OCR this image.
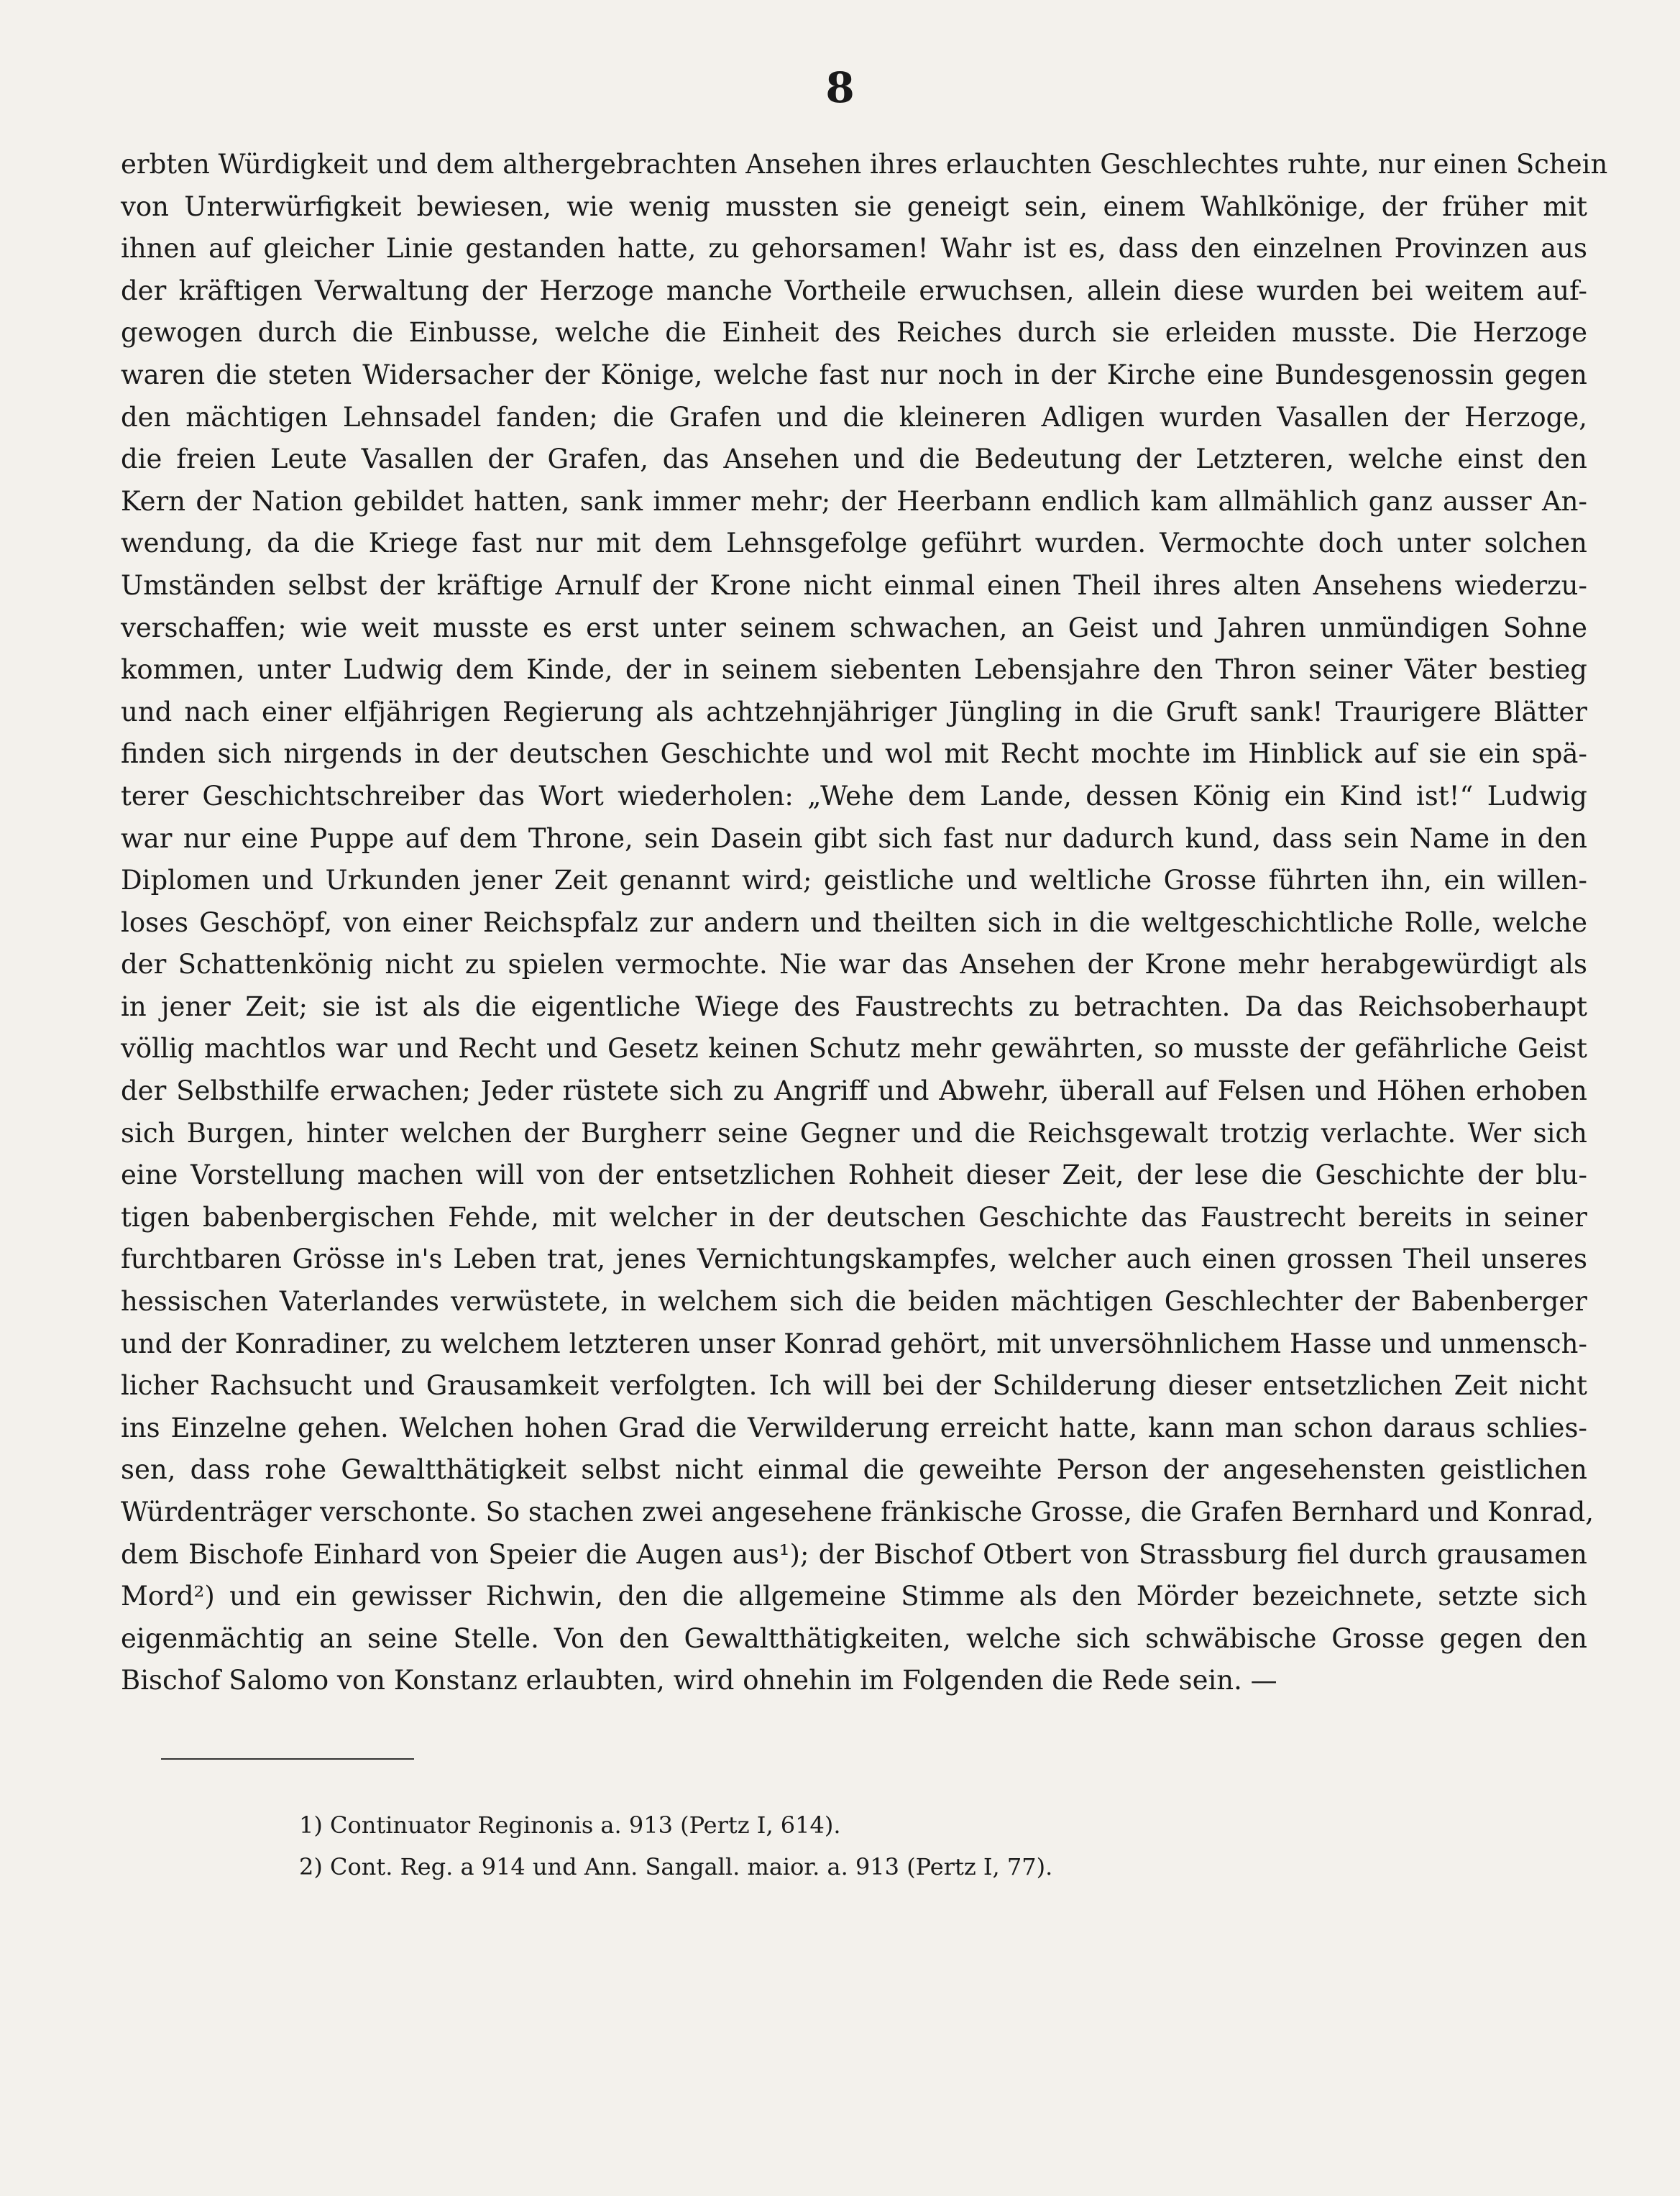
8
erbten Würdigkeit und dem althergebrachten Ansehen ihres erlauchten Geschlechtes ruhte, nur einen Schein
von Unterwürfigkeit bewiesen, wie wenig mussten sie geneigt sein, einem Wahlkönige, der früher mit
ihnen auf gleicher Linie gestanden hatte, zu gehorsamen! Wahr ist es, dass den einzelnen Provinzen aus
der kräftigen Verwaltung der Herzoge manche Vortheile erwuchsen, allein diese wurden bei weitem auf-
gewogen durch die Einbusse, welche die Einheit des Reiches durch sie erleiden musste. Die Herzoge
waren die steten Widersacher der Könige, welche fast nur noch in der Kirche eine Bundesgenossin gegen
den mächtigen Lehnsadel fanden; die Grafen und die kleineren Adligen wurden Vasallen der Herzoge,
die freien Leute Vasallen der Grafen, das Ansehen und die Bedeutung der Letzteren, welche einst den
Kern der Nation gebildet hatten, sank immer mehr; der Heerbann endlich kam allmählich ganz ausser An-
wendung, da die Kriege fast nur mit dem Lehnsgefolge geführt wurden. Vermochte doch unter solchen
Umständen selbst der kräftige Arnulf der Krone nicht einmal einen Theil ihres alten Ansehens wiederzu-
verschaffen; wie weit musste es erst unter seinem schwachen, an Geist und Jahren unmündigen Sohne
kommen, unter Ludwig dem Kinde, der in seinem siebenten Lebensjahre den Thron seiner Väter bestieg
und nach einer elfjährigen Regierung als achtzehnjähriger Jüngling in die Gruft sank! Traurigere Blätter
finden sich nirgends in der deutschen Geschichte und wol mit Recht mochte im Hinblick auf sie ein spä-
terer Geschichtschreiber das Wort wiederholen: „Wehe dem Lande, dessen König ein Kind ist!“ Ludwig
war nur eine Puppe auf dem Throne, sein Dasein gibt sich fast nur dadurch kund, dass sein Name in den
Diplomen und Urkunden jener Zeit genannt wird; geistliche und weltliche Grosse führten ihn, ein willen-
loses Geschöpf, von einer Reichspfalz zur andern und theilten sich in die weltgeschichtliche Rolle, welche
der Schattenkönig nicht zu spielen vermochte. Nie war das Ansehen der Krone mehr herabgewürdigt als
in jener Zeit; sie ist als die eigentliche Wiege des Faustrechts zu betrachten. Da das Reichsoberhaupt
völlig machtlos war und Recht und Gesetz keinen Schutz mehr gewährten, so musste der gefährliche Geist
der Selbsthilfe erwachen; Jeder rüstete sich zu Angriff und Abwehr, überall auf Felsen und Höhen erhoben
sich Burgen, hinter welchen der Burgherr seine Gegner und die Reichsgewalt trotzig verlachte. Wer sich
eine Vorstellung machen will von der entsetzlichen Rohheit dieser Zeit, der lese die Geschichte der blu-
tigen babenbergischen Fehde, mit welcher in der deutschen Geschichte das Faustrecht bereits in seiner
furchtbaren Grösse in's Leben trat, jenes Vernichtungskampfes, welcher auch einen grossen Theil unseres
hessischen Vaterlandes verwüstete, in welchem sich die beiden mächtigen Geschlechter der Babenberger
und der Konradiner, zu welchem letzteren unser Konrad gehört, mit unversöhnlichem Hasse und unmensch-
licher Rachsucht und Grausamkeit verfolgten. Ich will bei der Schilderung dieser entsetzlichen Zeit nicht
ins Einzelne gehen. Welchen hohen Grad die Verwilderung erreicht hatte, kann man schon daraus schlies-
sen, dass rohe Gewaltthätigkeit selbst nicht einmal die geweihte Person der angesehensten geistlichen
Würdenträger verschonte. So stachen zwei angesehene fränkische Grosse, die Grafen Bernhard und Konrad,
dem Bischofe Einhard von Speier die Augen aus¹); der Bischof Otbert von Strassburg fiel durch grausamen
Mord²) und ein gewisser Richwin, den die allgemeine Stimme als den Mörder bezeichnete, setzte sich
eigenmächtig an seine Stelle. Von den Gewaltthätigkeiten, welche sich schwäbische Grosse gegen den
Bischof Salomo von Konstanz erlaubten, wird ohnehin im Folgenden die Rede sein. —
1) Continuator Reginonis a. 913 (Pertz I, 614).
2) Cont. Reg. a 914 und Ann. Sangall. maior. a. 913 (Pertz I, 77).
